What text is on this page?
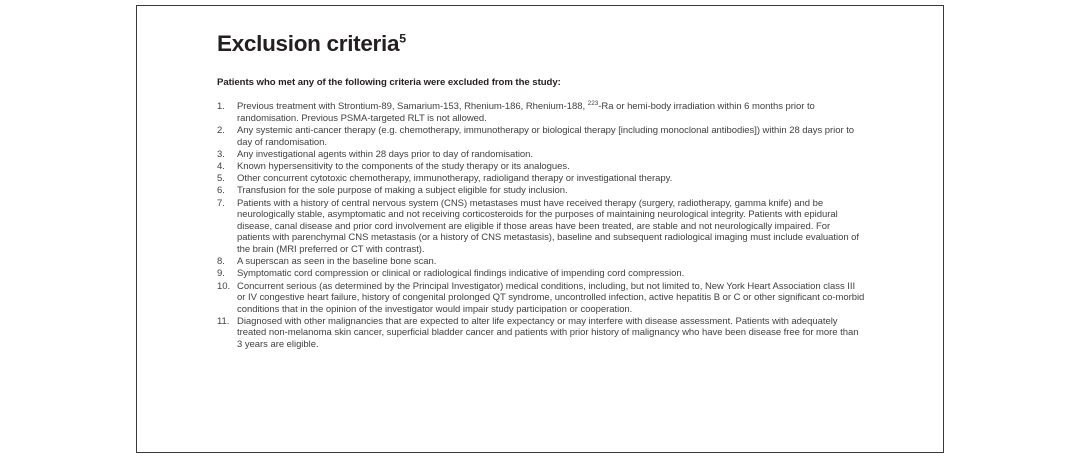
Exclusion criteria$^5$

Patients who met any of the following criteria were excluded from the study:

1.	Previous treatment with Strontium-89, Samarium-153, Rhenium-186, Rhenium-188, $^{223}$-Ra or hemi-body irradiation within 6 months prior to randomisation. Previous PSMA-targeted RLT is not allowed.
2.	Any systemic anti-cancer therapy (e.g. chemotherapy, immunotherapy or biological therapy [including monoclonal antibodies]) within 28 days prior to day of randomisation.
3.	Any investigational agents within 28 days prior to day of randomisation.
4.	Known hypersensitivity to the components of the study therapy or its analogues.
5.	Other concurrent cytotoxic chemotherapy, immunotherapy, radioligand therapy or investigational therapy.
6.	Transfusion for the sole purpose of making a subject eligible for study inclusion.
7.	Patients with a history of central nervous system (CNS) metastases must have received therapy (surgery, radiotherapy, gamma knife) and be neurologically stable, asymptomatic and not receiving corticosteroids for the purposes of maintaining neurological integrity. Patients with epidural disease, canal disease and prior cord involvement are eligible if those areas have been treated, are stable and not neurologically impaired. For patients with parenchymal CNS metastasis (or a history of CNS metastasis), baseline and subsequent radiological imaging must include evaluation of the brain (MRI preferred or CT with contrast).
8.	A superscan as seen in the baseline bone scan.
9.	Symptomatic cord compression or clinical or radiological findings indicative of impending cord compression.
10. Concurrent serious (as determined by the Principal Investigator) medical conditions, including, but not limited to, New York Heart Association class III or IV congestive heart failure, history of congenital prolonged QT syndrome, uncontrolled infection, active hepatitis B or C or other significant co-morbid conditions that in the opinion of the investigator would impair study participation or cooperation.
11. Diagnosed with other malignancies that are expected to alter life expectancy or may interfere with disease assessment. Patients with adequately treated non-melanoma skin cancer, superficial bladder cancer and patients with prior history of malignancy who have been disease free for more than 3 years are eligible.
